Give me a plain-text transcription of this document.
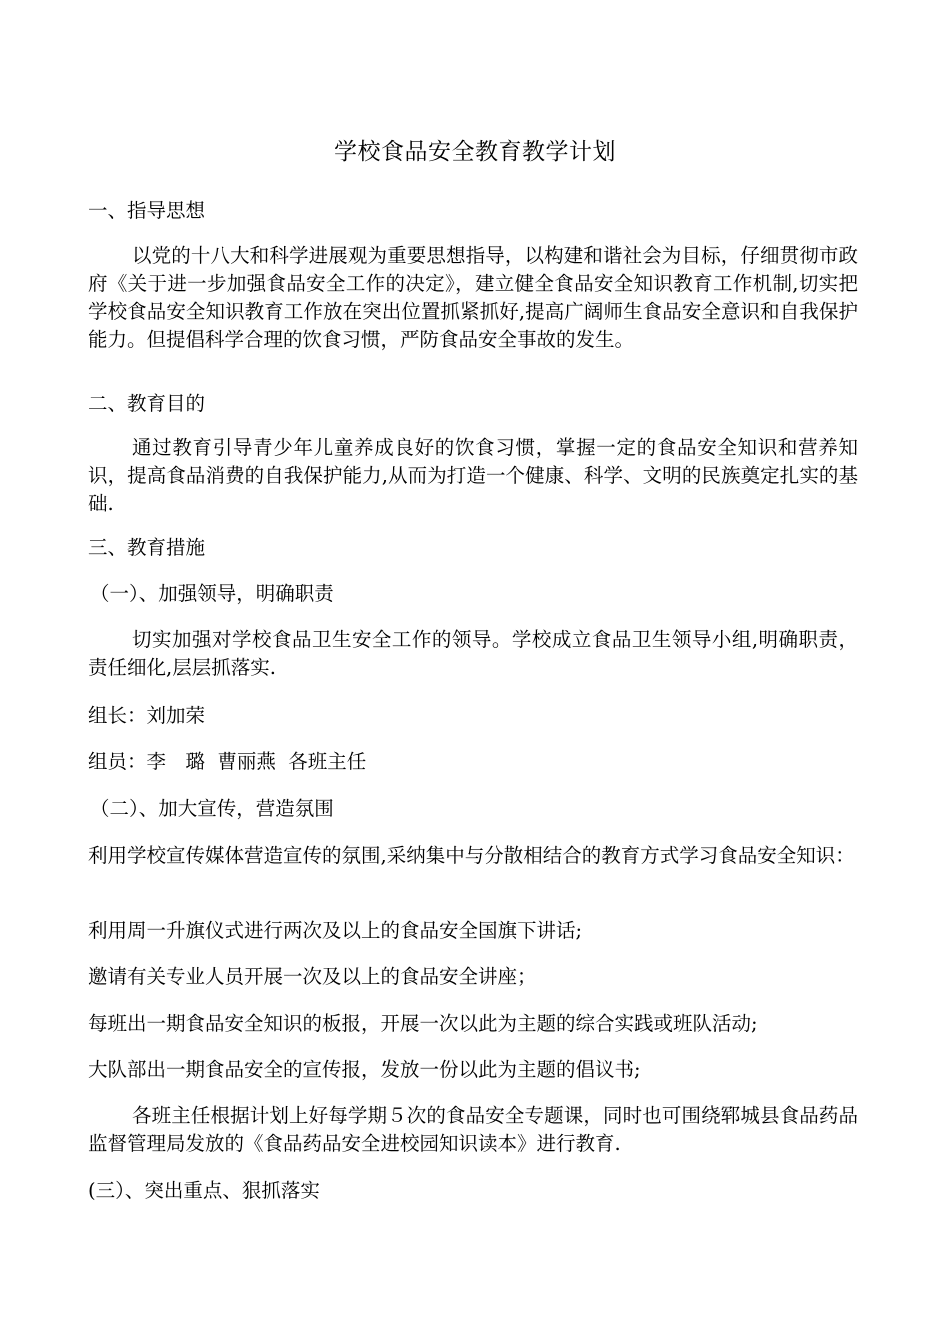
学校食品安全教育教学计划
一、指导思想
以党的十八大和科学进展观为重要思想指导，以构建和谐社会为目标，仔细贯彻市政府《关于进一步加强食品安全工作的决定》，建立健全食品安全知识教育工作机制,切实把学校食品安全知识教育工作放在突出位置抓紧抓好,提高广阔师生食品安全意识和自我保护能力。但提倡科学合理的饮食习惯，严防食品安全事故的发生。
二、教育目的
通过教育引导青少年儿童养成良好的饮食习惯，掌握一定的食品安全知识和营养知识，提高食品消费的自我保护能力,从而为打造一个健康、科学、文明的民族奠定扎实的基础.
三、教育措施
（一）、加强领导，明确职责
切实加强对学校食品卫生安全工作的领导。学校成立食品卫生领导小组,明确职责，责任细化,层层抓落实.
组长：刘加荣
组员：李　璐  曹丽燕  各班主任
（二）、加大宣传，营造氛围
利用学校宣传媒体营造宣传的氛围,采纳集中与分散相结合的教育方式学习食品安全知识：
利用周一升旗仪式进行两次及以上的食品安全国旗下讲话;
邀请有关专业人员开展一次及以上的食品安全讲座；
每班出一期食品安全知识的板报，开展一次以此为主题的综合实践或班队活动;
大队部出一期食品安全的宣传报，发放一份以此为主题的倡议书;
各班主任根据计划上好每学期５次的食品安全专题课，同时也可围绕郓城县食品药品监督管理局发放的《食品药品安全进校园知识读本》进行教育.
(三）、突出重点、狠抓落实
